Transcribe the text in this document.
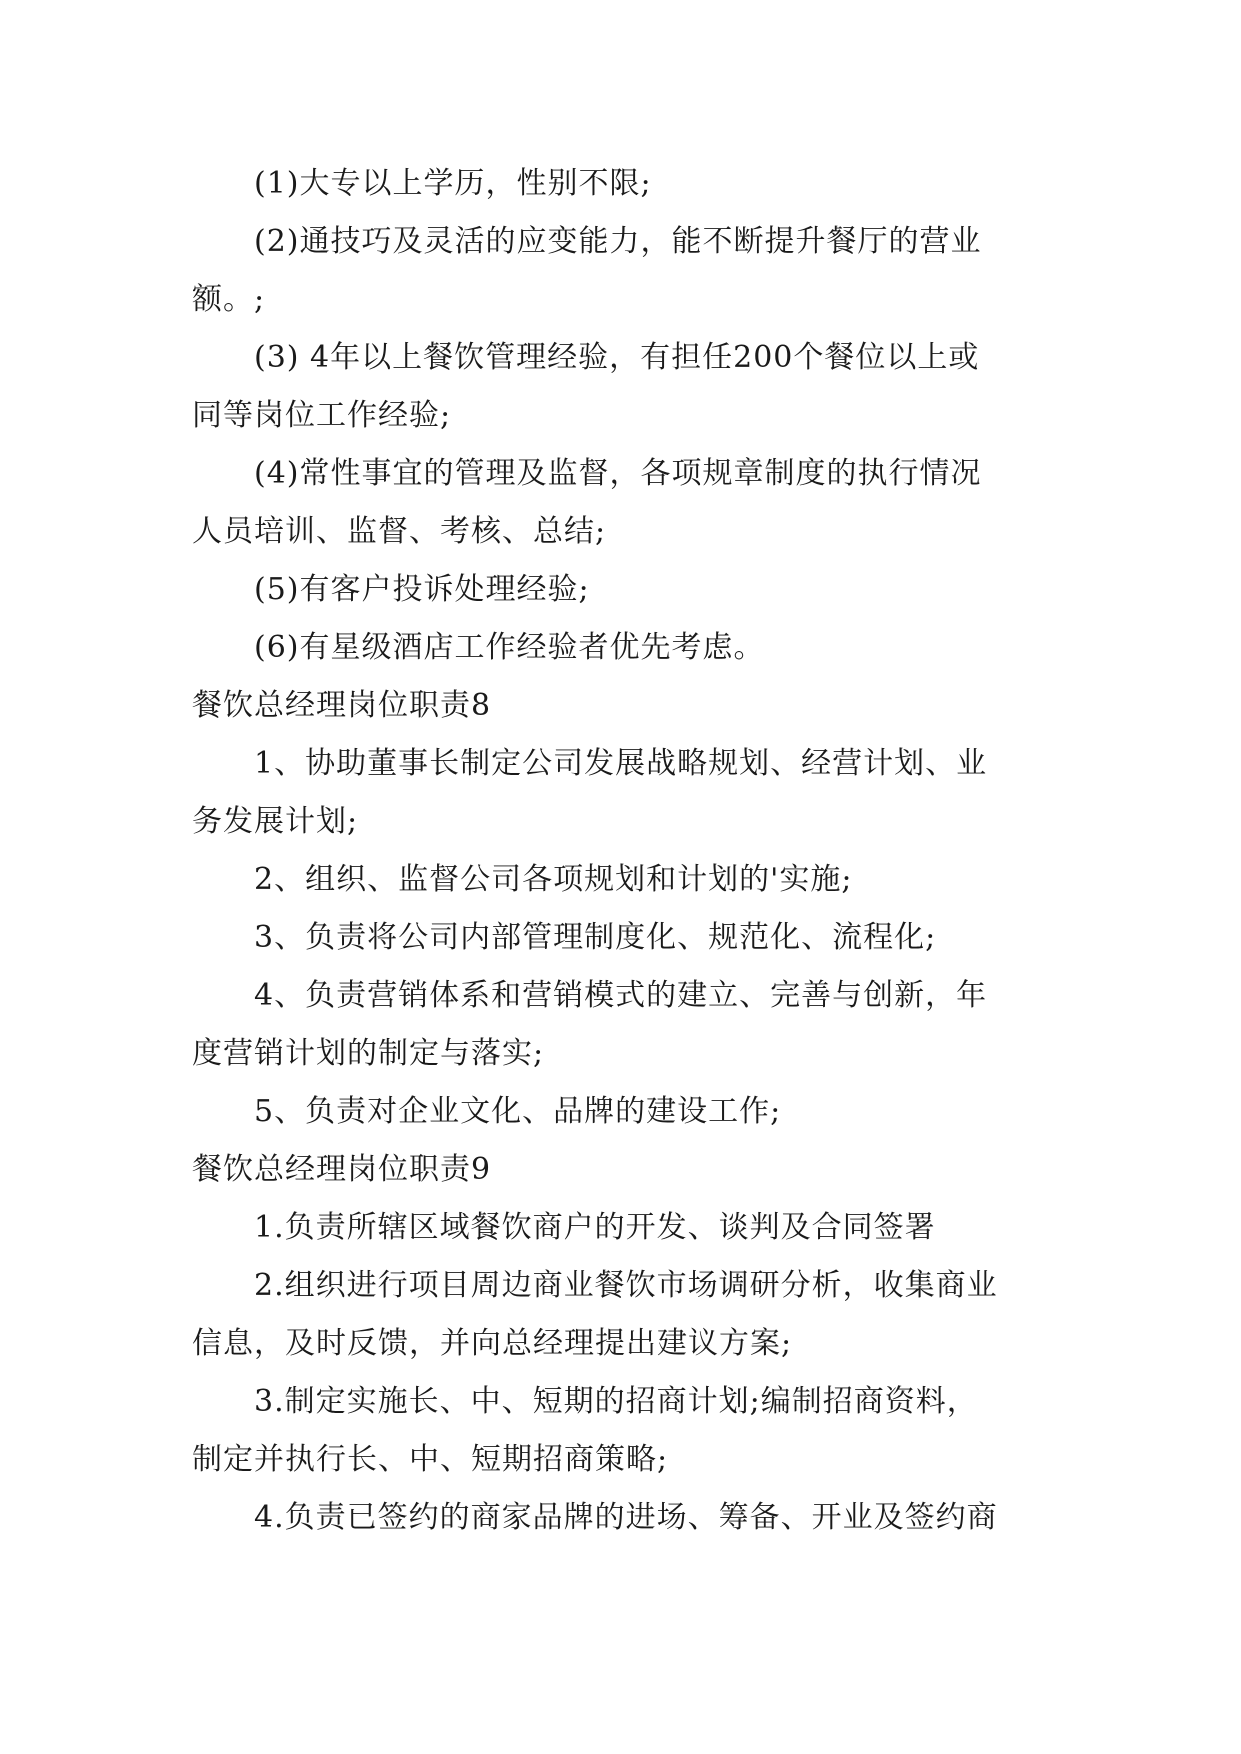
(1)大专以上学历，性别不限;
(2)通技巧及灵活的应变能力，能不断提升餐厅的营业
额。;
(3) 4年以上餐饮管理经验，有担任200个餐位以上或
同等岗位工作经验;
(4)常性事宜的管理及监督，各项规章制度的执行情况
人员培训、监督、考核、总结;
(5)有客户投诉处理经验;
(6)有星级酒店工作经验者优先考虑。
餐饮总经理岗位职责8
1、协助董事长制定公司发展战略规划、经营计划、业
务发展计划;
2、组织、监督公司各项规划和计划的'实施;
3、负责将公司内部管理制度化、规范化、流程化;
4、负责营销体系和营销模式的建立、完善与创新，年
度营销计划的制定与落实;
5、负责对企业文化、品牌的建设工作;
餐饮总经理岗位职责9
1.负责所辖区域餐饮商户的开发、谈判及合同签署
2.组织进行项目周边商业餐饮市场调研分析，收集商业
信息，及时反馈，并向总经理提出建议方案;
3.制定实施长、中、短期的招商计划;编制招商资料，
制定并执行长、中、短期招商策略;
4.负责已签约的商家品牌的进场、筹备、开业及签约商
